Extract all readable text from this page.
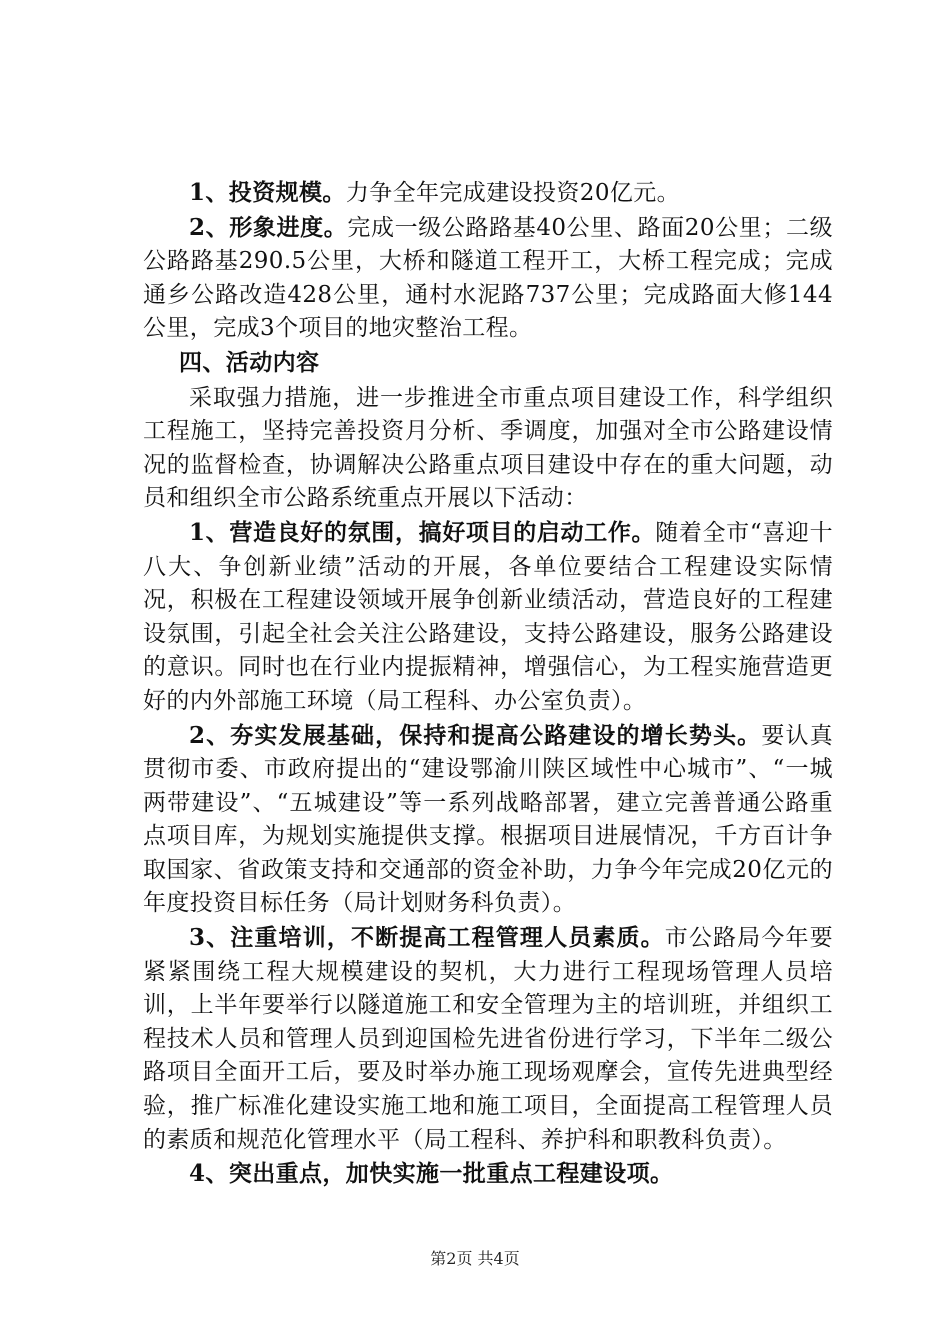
1、投资规模。力争全年完成建设投资20亿元。

2、形象进度。完成一级公路路基40公里、路面20公里；二级公路路基290.5公里，大桥和隧道工程开工，大桥工程完成；完成通乡公路改造428公里，通村水泥路737公里；完成路面大修144公里，完成3个项目的地灾整治工程。

四、活动内容

采取强力措施，进一步推进全市重点项目建设工作，科学组织工程施工，坚持完善投资月分析、季调度，加强对全市公路建设情况的监督检查，协调解决公路重点项目建设中存在的重大问题，动员和组织全市公路系统重点开展以下活动：

1、营造良好的氛围，搞好项目的启动工作。随着全市“喜迎十八大、争创新业绩”活动的开展，各单位要结合工程建设实际情况，积极在工程建设领域开展争创新业绩活动，营造良好的工程建设氛围，引起全社会关注公路建设，支持公路建设，服务公路建设的意识。同时也在行业内提振精神，增强信心，为工程实施营造更好的内外部施工环境（局工程科、办公室负责）。

2、夯实发展基础，保持和提高公路建设的增长势头。要认真贯彻市委、市政府提出的“建设鄂渝川陕区域性中心城市”、“一城两带建设”、“五城建设”等一系列战略部署，建立完善普通公路重点项目库，为规划实施提供支撑。根据项目进展情况，千方百计争取国家、省政策支持和交通部的资金补助，力争今年完成20亿元的年度投资目标任务（局计划财务科负责）。

3、注重培训，不断提高工程管理人员素质。市公路局今年要紧紧围绕工程大规模建设的契机，大力进行工程现场管理人员培训，上半年要举行以隧道施工和安全管理为主的培训班，并组织工程技术人员和管理人员到迎国检先进省份进行学习，下半年二级公路项目全面开工后，要及时举办施工现场观摩会，宣传先进典型经验，推广标准化建设实施工地和施工项目，全面提高工程管理人员的素质和规范化管理水平（局工程科、养护科和职教科负责）。

4、突出重点，加快实施一批重点工程建设项。

第2页 共4页
